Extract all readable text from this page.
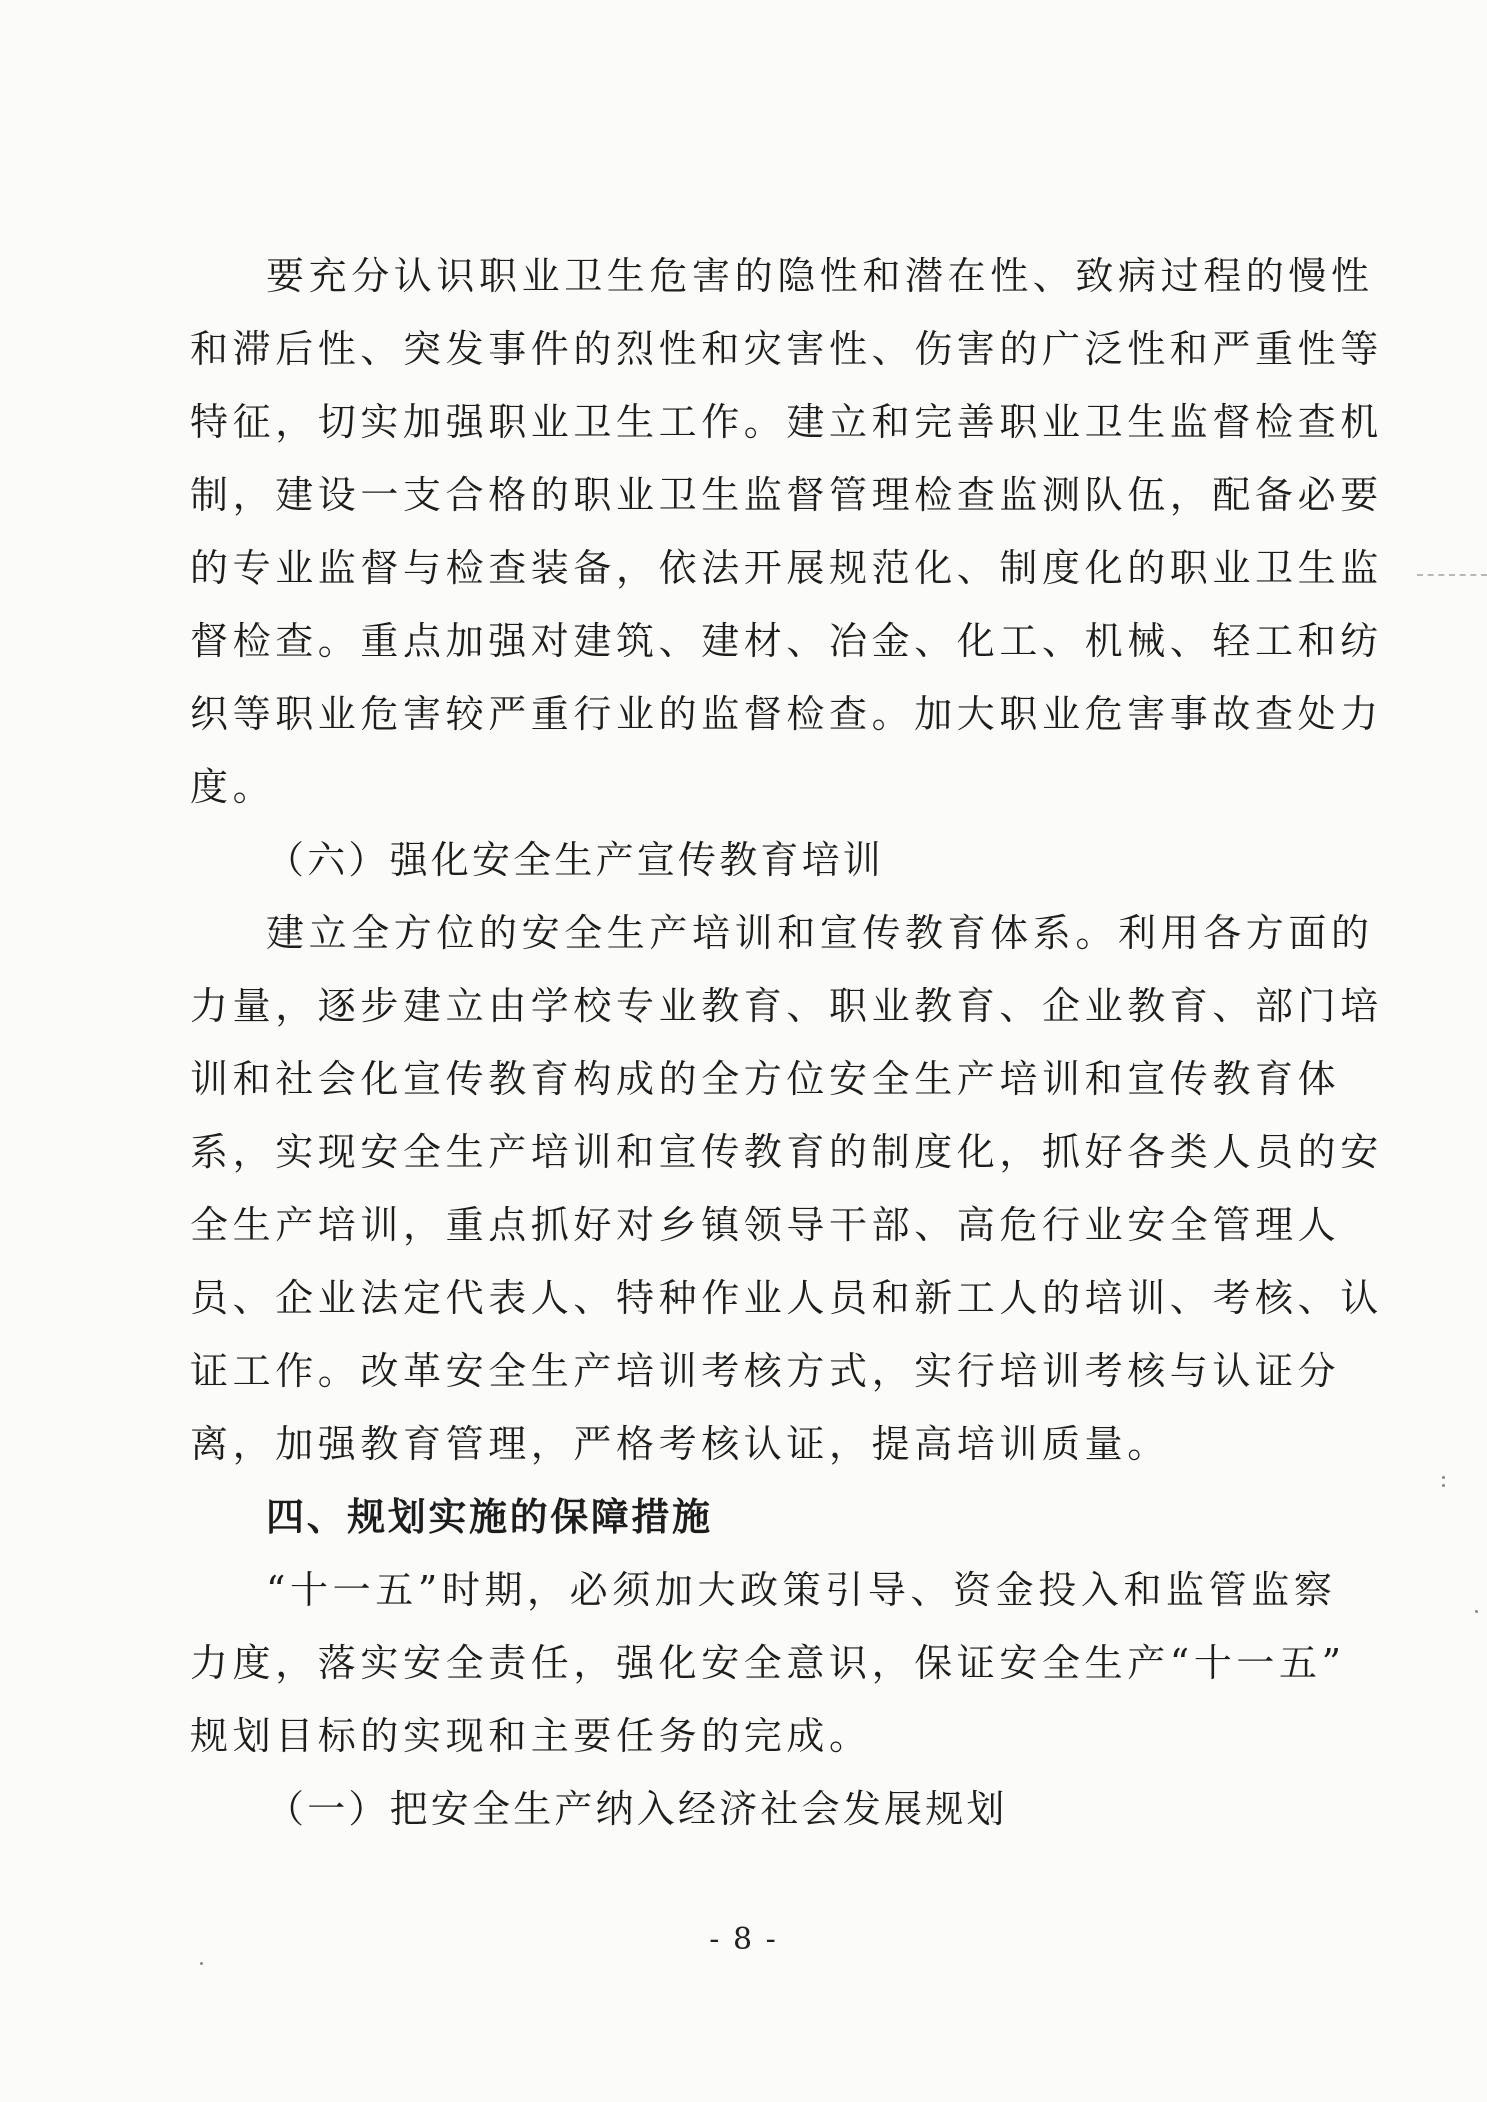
要充分认识职业卫生危害的隐性和潜在性、致病过程的慢性
和滞后性、突发事件的烈性和灾害性、伤害的广泛性和严重性等
特征，切实加强职业卫生工作。建立和完善职业卫生监督检查机
制，建设一支合格的职业卫生监督管理检查监测队伍，配备必要
的专业监督与检查装备，依法开展规范化、制度化的职业卫生监
督检查。重点加强对建筑、建材、冶金、化工、机械、轻工和纺
织等职业危害较严重行业的监督检查。加大职业危害事故查处力
度。
（六）强化安全生产宣传教育培训
建立全方位的安全生产培训和宣传教育体系。利用各方面的
力量，逐步建立由学校专业教育、职业教育、企业教育、部门培
训和社会化宣传教育构成的全方位安全生产培训和宣传教育体
系，实现安全生产培训和宣传教育的制度化，抓好各类人员的安
全生产培训，重点抓好对乡镇领导干部、高危行业安全管理人
员、企业法定代表人、特种作业人员和新工人的培训、考核、认
证工作。改革安全生产培训考核方式，实行培训考核与认证分
离，加强教育管理，严格考核认证，提高培训质量。
四、规划实施的保障措施
“十一五”时期，必须加大政策引导、资金投入和监管监察
力度，落实安全责任，强化安全意识，保证安全生产“十一五”
规划目标的实现和主要任务的完成。
（一）把安全生产纳入经济社会发展规划
- 8 -
